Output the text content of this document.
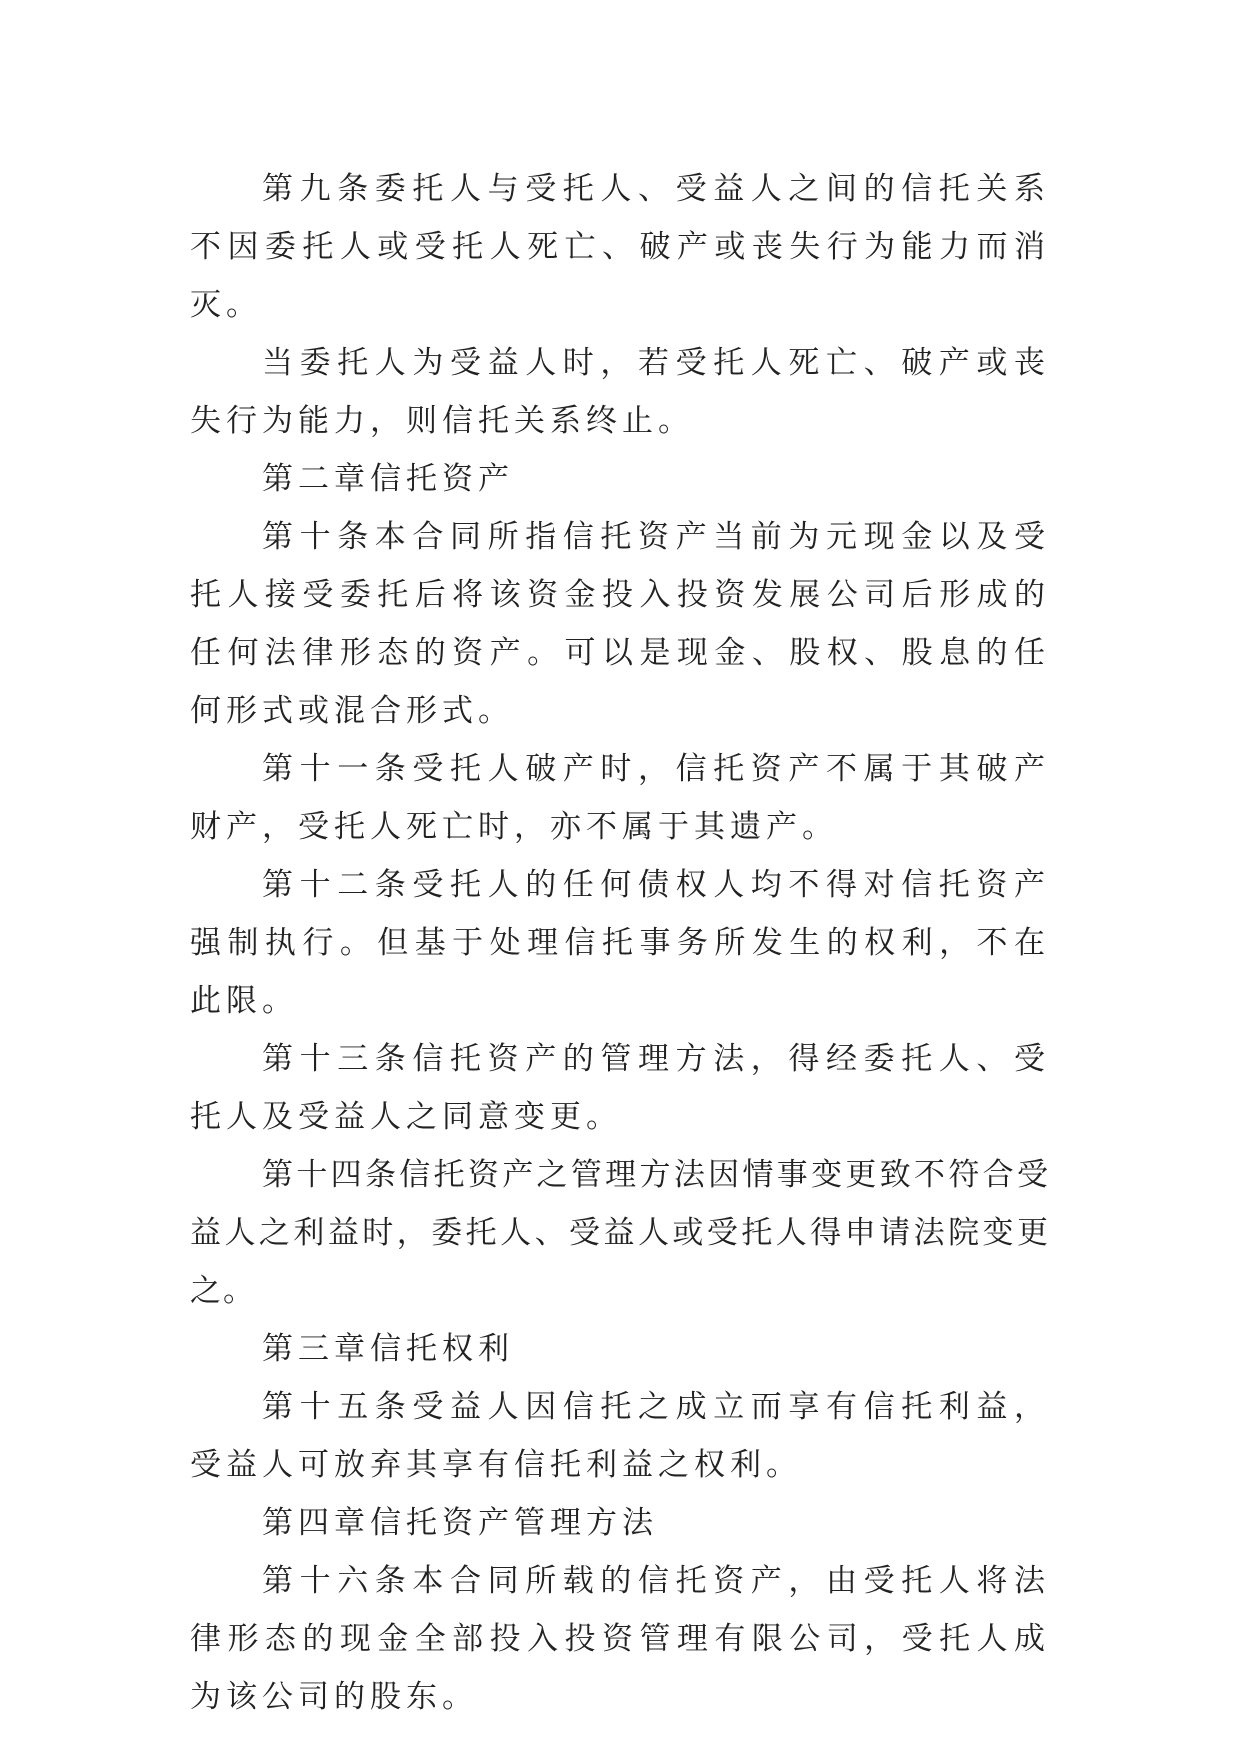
第九条委托人与受托人、受益人之间的信托关系不因委托人或受托人死亡、破产或丧失行为能力而消灭。

当委托人为受益人时，若受托人死亡、破产或丧失行为能力，则信托关系终止。

第二章信托资产

第十条本合同所指信托资产当前为元现金以及受托人接受委托后将该资金投入投资发展公司后形成的任何法律形态的资产。可以是现金、股权、股息的任何形式或混合形式。

第十一条受托人破产时，信托资产不属于其破产财产，受托人死亡时，亦不属于其遗产。

第十二条受托人的任何债权人均不得对信托资产强制执行。但基于处理信托事务所发生的权利，不在此限。

第十三条信托资产的管理方法，得经委托人、受托人及受益人之同意变更。

第十四条信托资产之管理方法因情事变更致不符合受益人之利益时，委托人、受益人或受托人得申请法院变更之。

第三章信托权利

第十五条受益人因信托之成立而享有信托利益，受益人可放弃其享有信托利益之权利。

第四章信托资产管理方法

第十六条本合同所载的信托资产，由受托人将法律形态的现金全部投入投资管理有限公司，受托人成为该公司的股东。
